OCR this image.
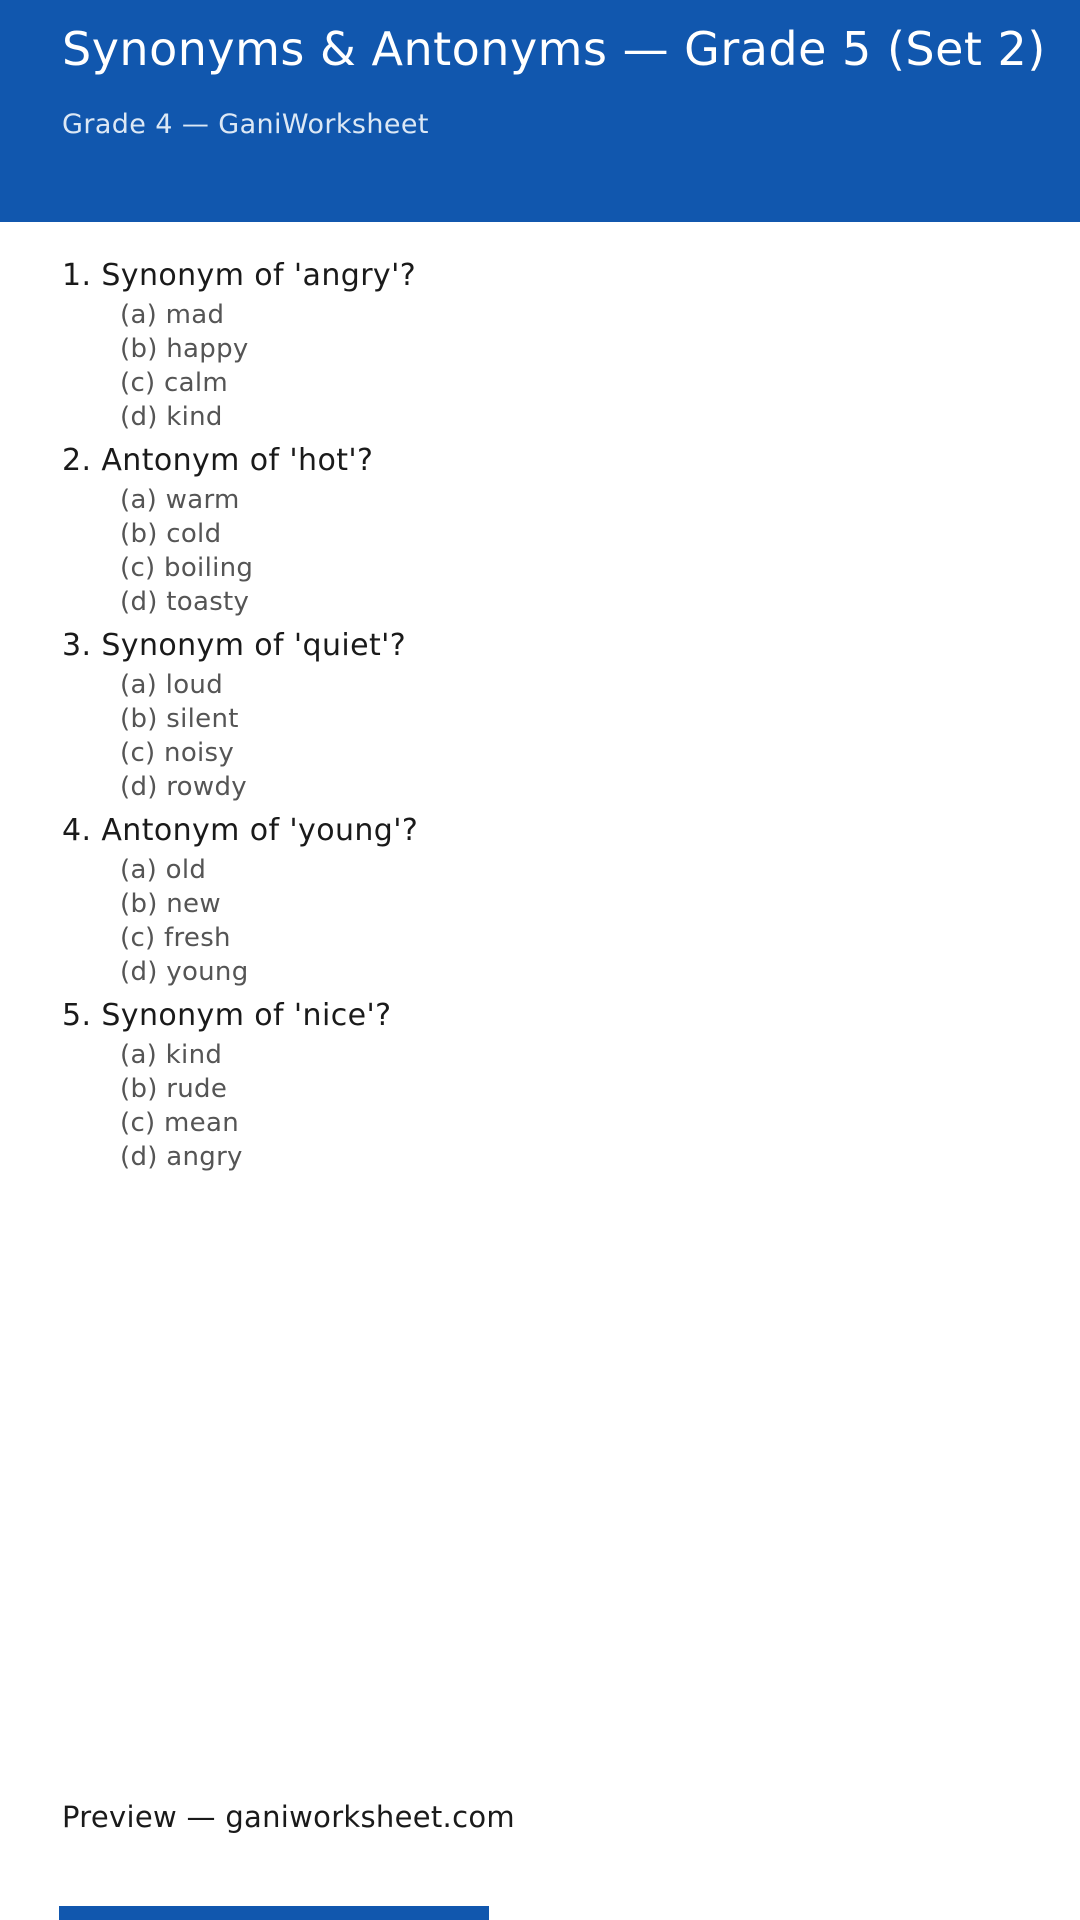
Synonyms & Antonyms — Grade 5 (Set 2)
Grade 4 — GaniWorksheet
1. Synonym of 'angry'?
(a) mad
(b) happy
(c) calm
(d) kind
2. Antonym of 'hot'?
(a) warm
(b) cold
(c) boiling
(d) toasty
3. Synonym of 'quiet'?
(a) loud
(b) silent
(c) noisy
(d) rowdy
4. Antonym of 'young'?
(a) old
(b) new
(c) fresh
(d) young
5. Synonym of 'nice'?
(a) kind
(b) rude
(c) mean
(d) angry
Preview — ganiworksheet.com
